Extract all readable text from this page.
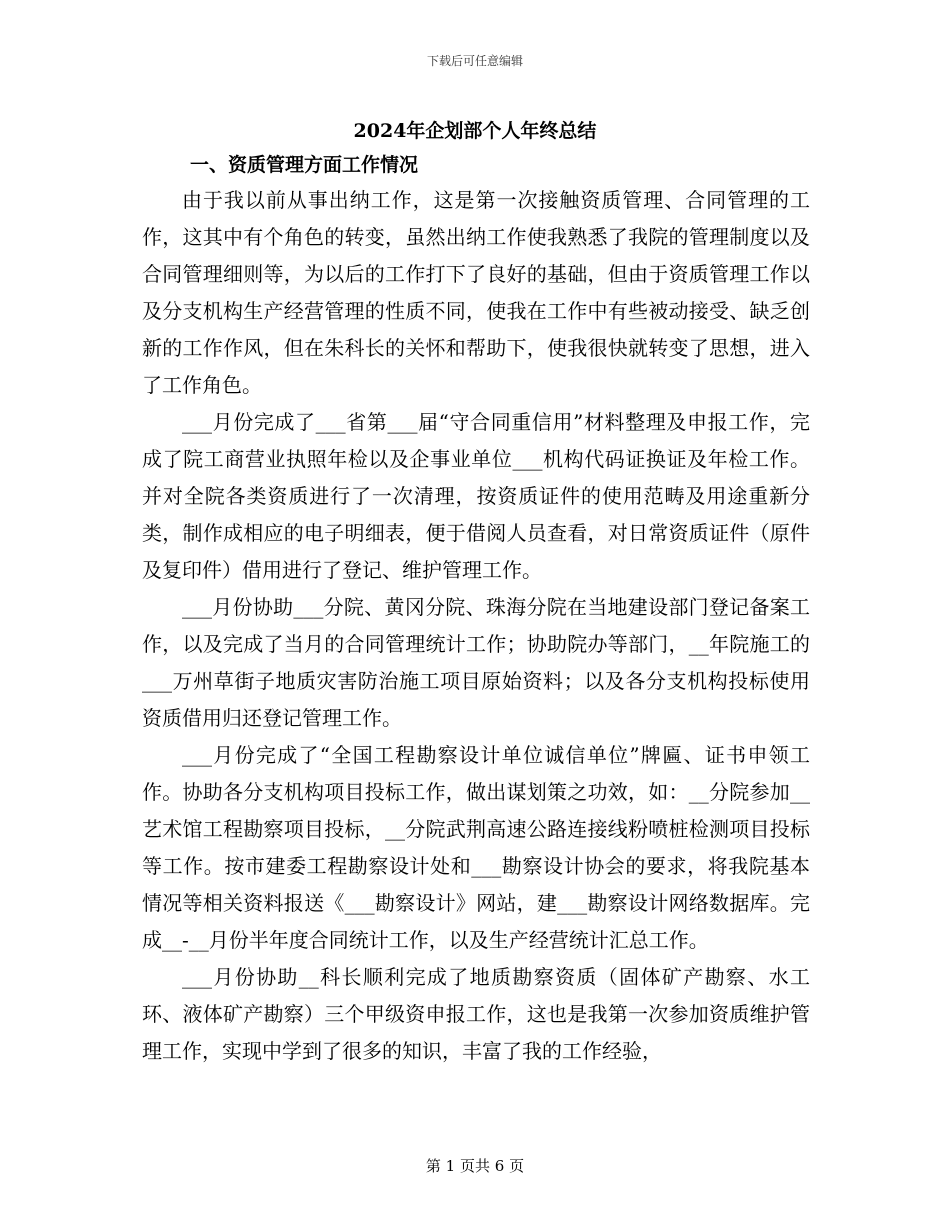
下载后可任意编辑
2024年企划部个人年终总结
一、资质管理方面工作情况

由于我以前从事出纳工作，这是第一次接触资质管理、合同管理的工作，这其中有个角色的转变，虽然出纳工作使我熟悉了我院的管理制度以及合同管理细则等，为以后的工作打下了良好的基础，但由于资质管理工作以及分支机构生产经营管理的性质不同，使我在工作中有些被动接受、缺乏创新的工作作风，但在朱科长的关怀和帮助下，使我很快就转变了思想，进入了工作角色。

___月份完成了___省第___届“守合同重信用”材料整理及申报工作，完成了院工商营业执照年检以及企事业单位___机构代码证换证及年检工作。并对全院各类资质进行了一次清理，按资质证件的使用范畴及用途重新分类，制作成相应的电子明细表，便于借阅人员查看，对日常资质证件（原件及复印件）借用进行了登记、维护管理工作。

___月份协助___分院、黄冈分院、珠海分院在当地建设部门登记备案工作，以及完成了当月的合同管理统计工作；协助院办等部门，__年院施工的___万州草街子地质灾害防治施工项目原始资料；以及各分支机构投标使用资质借用归还登记管理工作。

___月份完成了“全国工程勘察设计单位诚信单位”牌匾、证书申领工作。协助各分支机构项目投标工作，做出谋划策之功效，如：__分院参加__艺术馆工程勘察项目投标，__分院武荆高速公路连接线粉喷桩检测项目投标等工作。按市建委工程勘察设计处和___勘察设计协会的要求，将我院基本情况等相关资料报送《___勘察设计》网站，建___勘察设计网络数据库。完成__-__月份半年度合同统计工作，以及生产经营统计汇总工作。

___月份协助__科长顺利完成了地质勘察资质（固体矿产勘察、水工环、液体矿产勘察）三个甲级资申报工作，这也是我第一次参加资质维护管理工作，实现中学到了很多的知识，丰富了我的工作经验，

第 1 页共 6 页
